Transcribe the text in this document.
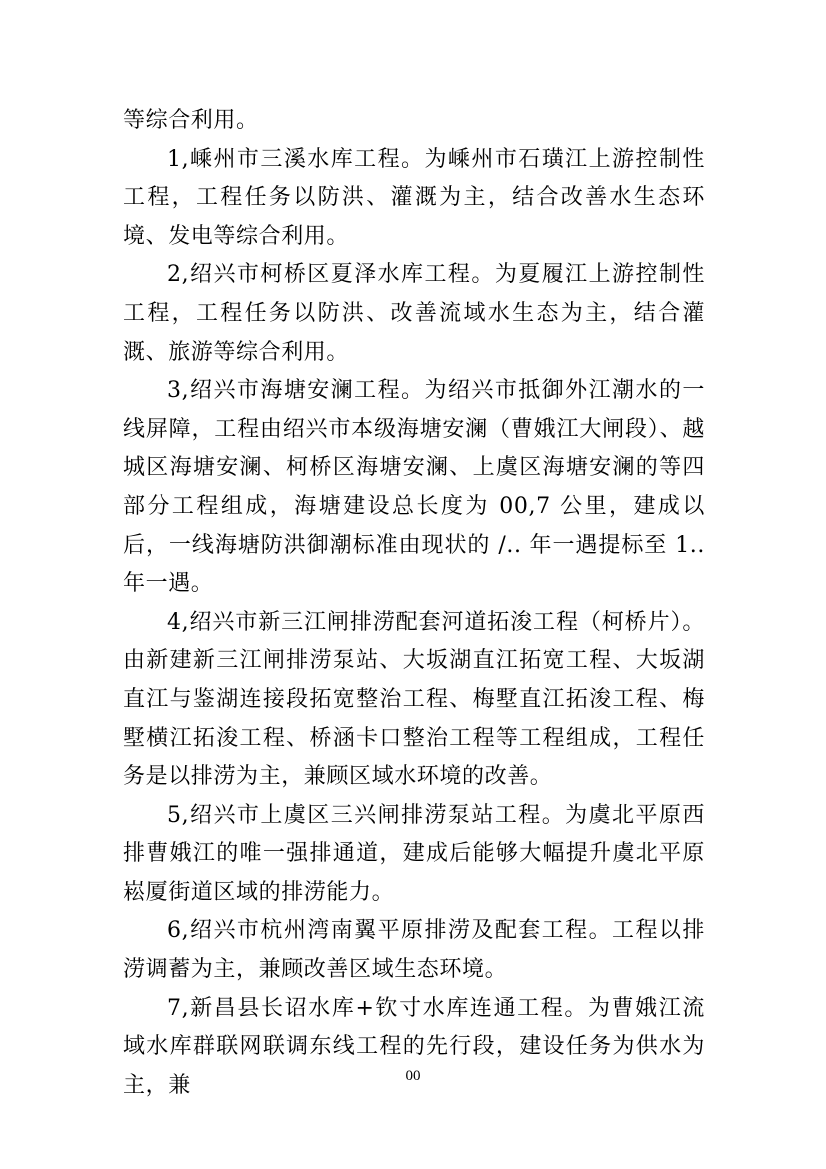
等综合利用。

1,嵊州市三溪水库工程。为嵊州市石璜江上游控制性工程，工程任务以防洪、灌溉为主，结合改善水生态环境、发电等综合利用。

2,绍兴市柯桥区夏泽水库工程。为夏履江上游控制性工程，工程任务以防洪、改善流域水生态为主，结合灌溉、旅游等综合利用。

3,绍兴市海塘安澜工程。为绍兴市抵御外江潮水的一线屏障，工程由绍兴市本级海塘安澜（曹娥江大闸段）、越城区海塘安澜、柯桥区海塘安澜、上虞区海塘安澜的等四部分工程组成，海塘建设总长度为 00,7 公里，建成以后，一线海塘防洪御潮标准由现状的 /.. 年一遇提标至 1.. 年一遇。

4,绍兴市新三江闸排涝配套河道拓浚工程（柯桥片）。由新建新三江闸排涝泵站、大坂湖直江拓宽工程、大坂湖直江与鉴湖连接段拓宽整治工程、梅墅直江拓浚工程、梅墅横江拓浚工程、桥涵卡口整治工程等工程组成，工程任务是以排涝为主，兼顾区域水环境的改善。

5,绍兴市上虞区三兴闸排涝泵站工程。为虞北平原西排曹娥江的唯一强排通道，建成后能够大幅提升虞北平原崧厦街道区域的排涝能力。

6,绍兴市杭州湾南翼平原排涝及配套工程。工程以排涝调蓄为主，兼顾改善区域生态环境。

7,新昌县长诏水库+钦寸水库连通工程。为曹娥江流域水库群联网联调东线工程的先行段，建设任务为供水为主，兼	00
